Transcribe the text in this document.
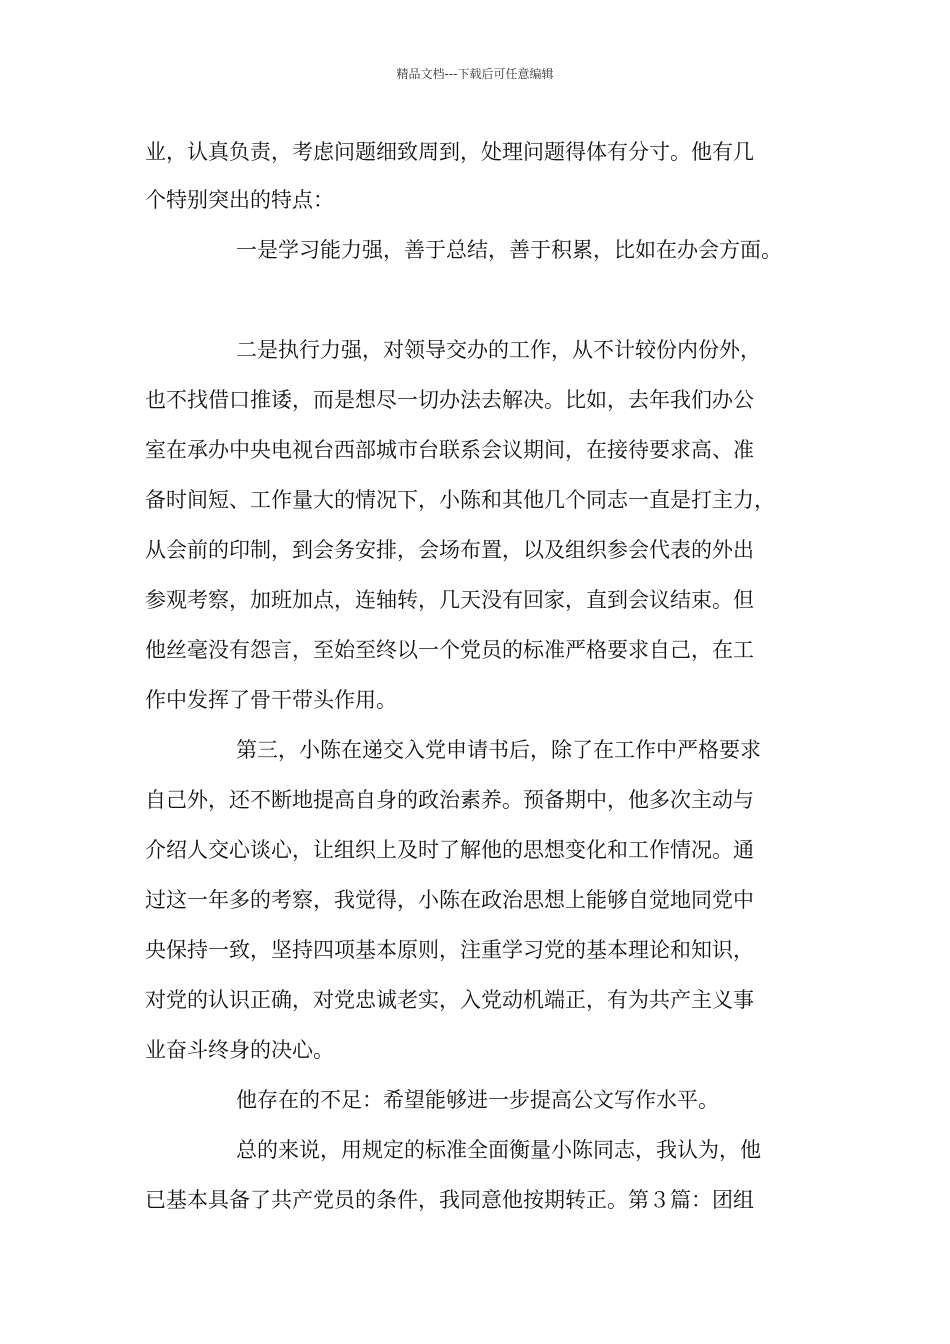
精品文档---下载后可任意编辑
业，认真负责，考虑问题细致周到，处理问题得体有分寸。他有几
个特别突出的特点：
一是学习能力强，善于总结，善于积累，比如在办会方面。
二是执行力强，对领导交办的工作，从不计较份内份外，
也不找借口推诿，而是想尽一切办法去解决。比如，去年我们办公
室在承办中央电视台西部城市台联系会议期间，在接待要求高、准
备时间短、工作量大的情况下，小陈和其他几个同志一直是打主力，
从会前的印制，到会务安排，会场布置，以及组织参会代表的外出
参观考察，加班加点，连轴转，几天没有回家，直到会议结束。但
他丝毫没有怨言，至始至终以一个党员的标准严格要求自己，在工
作中发挥了骨干带头作用。
第三，小陈在递交入党申请书后，除了在工作中严格要求
自己外，还不断地提高自身的政治素养。预备期中，他多次主动与
介绍人交心谈心，让组织上及时了解他的思想变化和工作情况。通
过这一年多的考察，我觉得，小陈在政治思想上能够自觉地同党中
央保持一致，坚持四项基本原则，注重学习党的基本理论和知识，
对党的认识正确，对党忠诚老实，入党动机端正，有为共产主义事
业奋斗终身的决心。
他存在的不足：希望能够进一步提高公文写作水平。
总的来说，用规定的标准全面衡量小陈同志，我认为，他
已基本具备了共产党员的条件，我同意他按期转正。第３篇：团组
